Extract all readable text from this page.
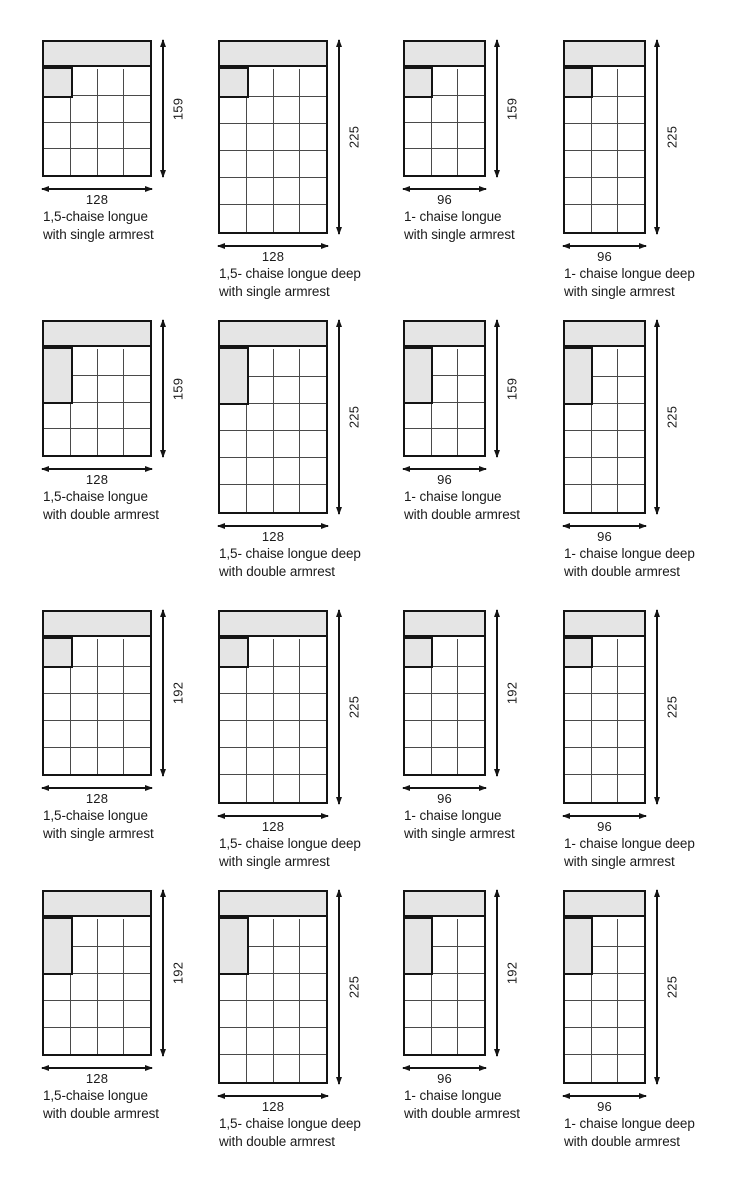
159
128
1,5-chaise longue
with single armrest
225
128
1,5- chaise longue deep
with single armrest
159
96
1- chaise longue
with single armrest
225
96
1- chaise longue deep
with single armrest
159
128
1,5-chaise longue
with double armrest
225
128
1,5- chaise longue deep
with double armrest
159
96
1- chaise longue
with double armrest
225
96
1- chaise longue deep
with double armrest
192
128
1,5-chaise longue
with single armrest
225
128
1,5- chaise longue deep
with single armrest
192
96
1- chaise longue
with single armrest
225
96
1- chaise longue deep
with single armrest
192
128
1,5-chaise longue
with double armrest
225
128
1,5- chaise longue deep
with double armrest
192
96
1- chaise longue
with double armrest
225
96
1- chaise longue deep
with double armrest
